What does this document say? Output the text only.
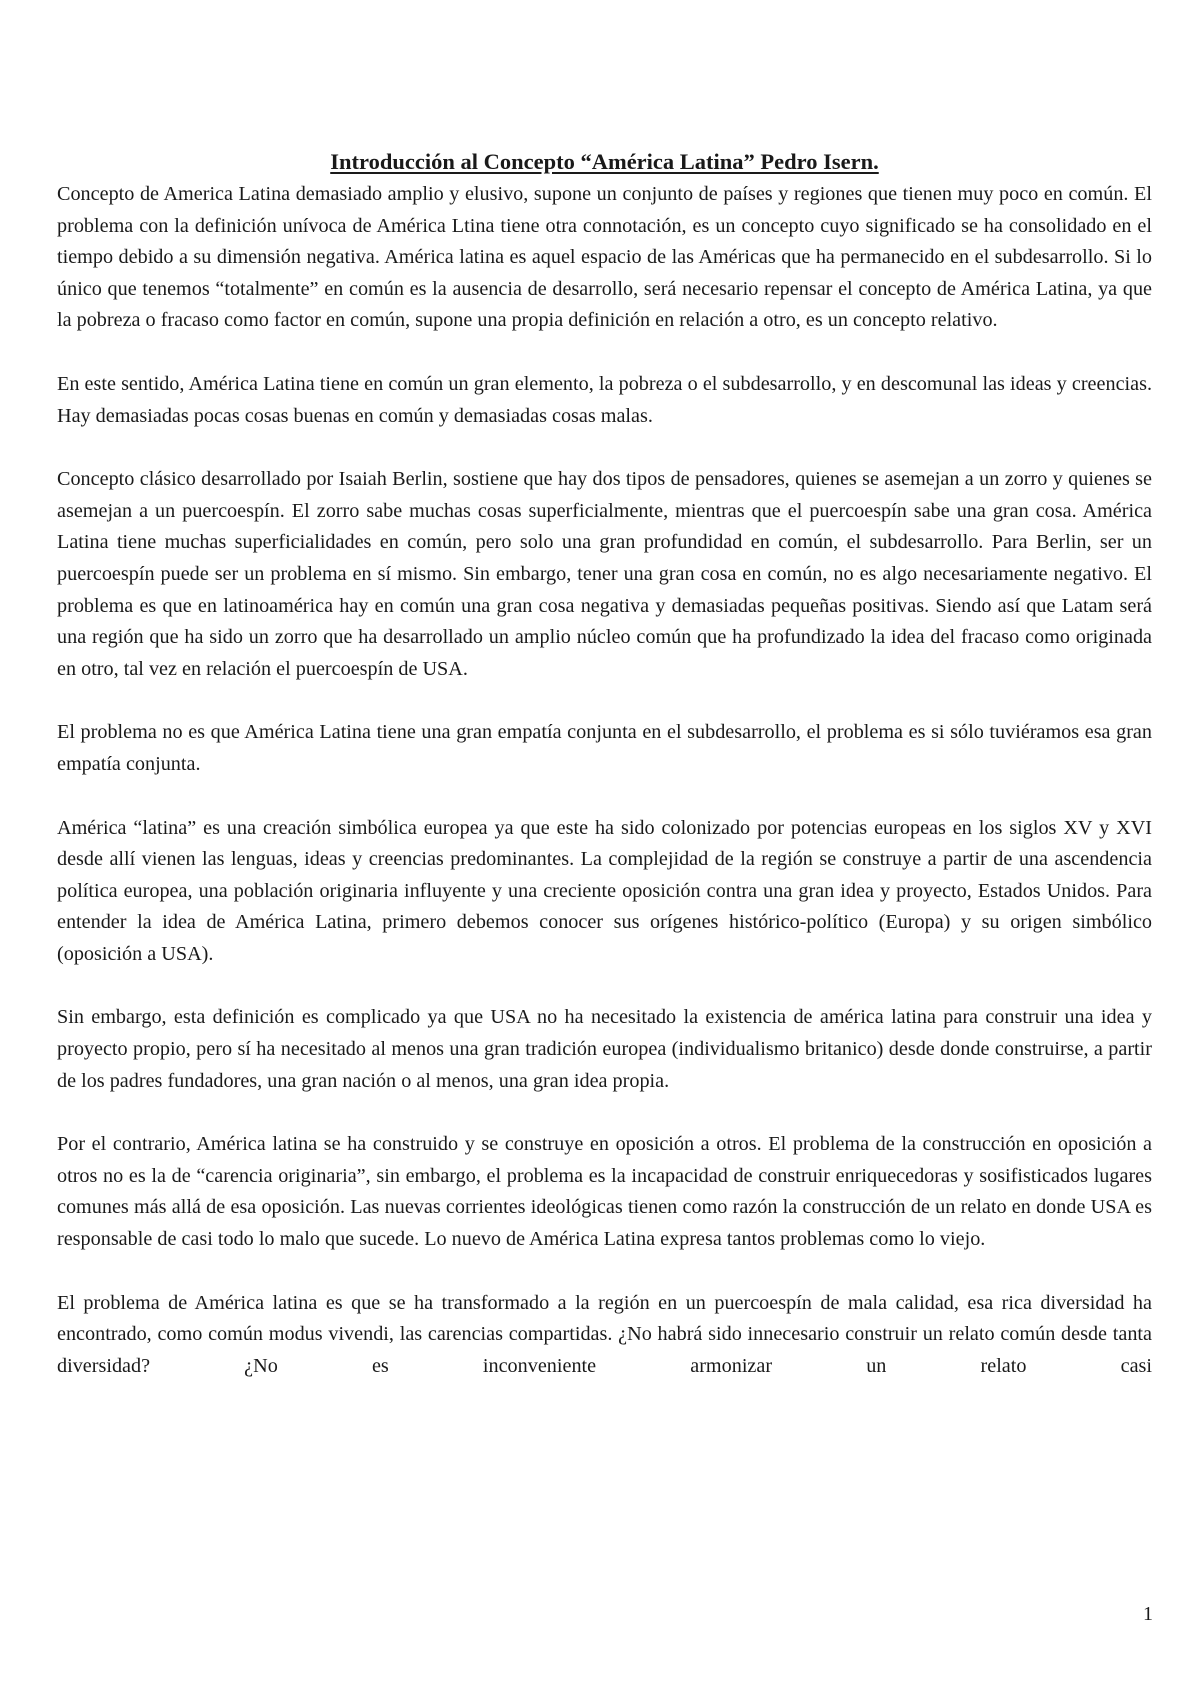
Introducción al Concepto “América Latina” Pedro Isern.

Concepto de America Latina demasiado amplio y elusivo, supone un conjunto de países y regiones que tienen muy poco en común. El problema con la definición unívoca de América Ltina tiene otra connotación, es un concepto cuyo significado se ha consolidado en el tiempo debido a su dimensión negativa. América latina es aquel espacio de las Américas que ha permanecido en el subdesarrollo. Si lo único que tenemos “totalmente” en común es la ausencia de desarrollo, será necesario repensar el concepto de América Latina, ya que la pobreza o fracaso como factor en común, supone una propia definición en relación a otro, es un concepto relativo.

En este sentido, América Latina tiene en común un gran elemento, la pobreza o el subdesarrollo, y en descomunal las ideas y creencias. Hay demasiadas pocas cosas buenas en común y demasiadas cosas malas.

Concepto clásico desarrollado por Isaiah Berlin, sostiene que hay dos tipos de pensadores, quienes se asemejan a un zorro y quienes se asemejan a un puercoespín. El zorro sabe muchas cosas superficialmente, mientras que el puercoespín sabe una gran cosa. América Latina tiene muchas superficialidades en común, pero solo una gran profundidad en común, el subdesarrollo. Para Berlin, ser un puercoespín puede ser un problema en sí mismo. Sin embargo, tener una gran cosa en común, no es algo necesariamente negativo. El problema es que en latinoamérica hay en común una gran cosa negativa y demasiadas pequeñas positivas. Siendo así que Latam será una región que ha sido un zorro que ha desarrollado un amplio núcleo común que ha profundizado la idea del fracaso como originada en otro, tal vez en relación el puercoespín de USA.

El problema no es que América Latina tiene una gran empatía conjunta en el subdesarrollo, el problema es si sólo tuviéramos esa gran empatía conjunta.

América “latina” es una creación simbólica europea ya que este ha sido colonizado por potencias europeas en los siglos XV y XVI desde allí vienen las lenguas, ideas y creencias predominantes. La complejidad de la región se construye a partir de una ascendencia política europea, una población originaria influyente y una creciente oposición contra una gran idea y proyecto, Estados Unidos. Para entender la idea de América Latina, primero debemos conocer sus orígenes histórico-político (Europa) y su origen simbólico (oposición a USA).

Sin embargo, esta definición es complicado ya que USA no ha necesitado la existencia de américa latina para construir una idea y proyecto propio, pero sí ha necesitado al menos una gran tradición europea (individualismo britanico) desde donde construirse, a partir de los padres fundadores, una gran nación o al menos, una gran idea propia.

Por el contrario, América latina se ha construido y se construye en oposición a otros. El problema de la construcción en oposición a otros no es la de “carencia originaria”, sin embargo, el problema es la incapacidad de construir enriquecedoras y sosifisticados lugares comunes más allá de esa oposición. Las nuevas corrientes ideológicas tienen como razón la construcción de un relato en donde USA es responsable de casi todo lo malo que sucede. Lo nuevo de América Latina expresa tantos problemas como lo viejo.

El problema de América latina es que se ha transformado a la región en un puercoespín de mala calidad, esa rica diversidad ha encontrado, como común modus vivendi, las carencias compartidas. ¿No habrá sido innecesario construir un relato común desde tanta diversidad? ¿No es inconveniente armonizar un relato casi

1
